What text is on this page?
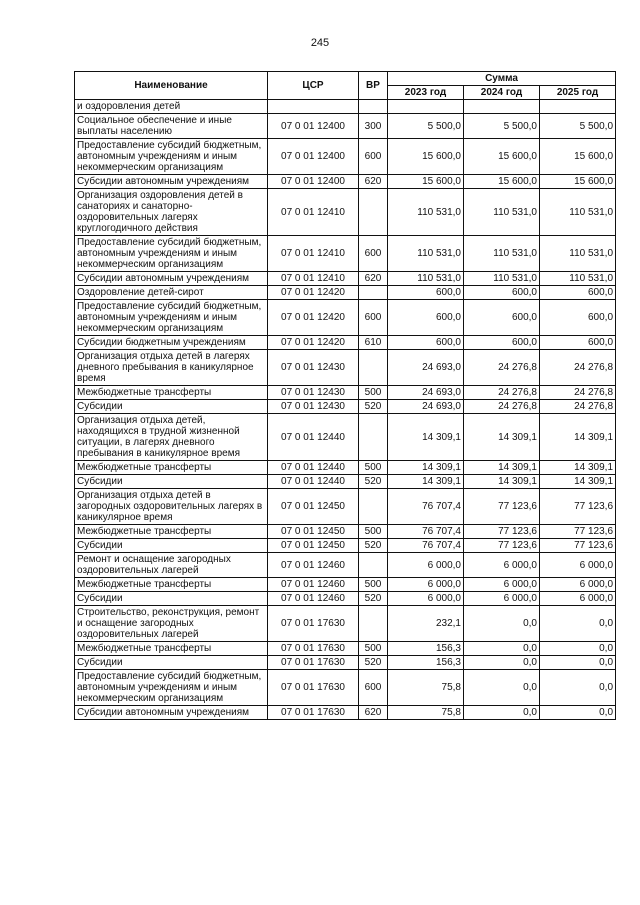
245
Наименование	ЦСР	ВР	Сумма		
			2023 год	2024 год	2025 год
и оздоровления детей					
Социальное обеспечение и иные выплаты населению	07 0 01 12400	300	5 500,0	5 500,0	5 500,0
Предоставление субсидий бюджетным, автономным учреждениям и иным некоммерческим организациям	07 0 01 12400	600	15 600,0	15 600,0	15 600,0
Субсидии автономным учреждениям	07 0 01 12400	620	15 600,0	15 600,0	15 600,0
Организация оздоровления детей в санаториях и санаторно-оздоровительных лагерях круглогодичного действия	07 0 01 12410		110 531,0	110 531,0	110 531,0
Предоставление субсидий бюджетным, автономным учреждениям и иным некоммерческим организациям	07 0 01 12410	600	110 531,0	110 531,0	110 531,0
Субсидии автономным учреждениям	07 0 01 12410	620	110 531,0	110 531,0	110 531,0
Оздоровление детей-сирот	07 0 01 12420		600,0	600,0	600,0
Предоставление субсидий бюджетным, автономным учреждениям и иным некоммерческим организациям	07 0 01 12420	600	600,0	600,0	600,0
Субсидии бюджетным учреждениям	07 0 01 12420	610	600,0	600,0	600,0
Организация отдыха детей в лагерях дневного пребывания в каникулярное время	07 0 01 12430		24 693,0	24 276,8	24 276,8
Межбюджетные трансферты	07 0 01 12430	500	24 693,0	24 276,8	24 276,8
Субсидии	07 0 01 12430	520	24 693,0	24 276,8	24 276,8
Организация отдыха детей, находящихся в трудной жизненной ситуации, в лагерях дневного пребывания в каникулярное время	07 0 01 12440		14 309,1	14 309,1	14 309,1
Межбюджетные трансферты	07 0 01 12440	500	14 309,1	14 309,1	14 309,1
Субсидии	07 0 01 12440	520	14 309,1	14 309,1	14 309,1
Организация отдыха детей в загородных оздоровительных лагерях в каникулярное время	07 0 01 12450		76 707,4	77 123,6	77 123,6
Межбюджетные трансферты	07 0 01 12450	500	76 707,4	77 123,6	77 123,6
Субсидии	07 0 01 12450	520	76 707,4	77 123,6	77 123,6
Ремонт и оснащение загородных оздоровительных лагерей	07 0 01 12460		6 000,0	6 000,0	6 000,0
Межбюджетные трансферты	07 0 01 12460	500	6 000,0	6 000,0	6 000,0
Субсидии	07 0 01 12460	520	6 000,0	6 000,0	6 000,0
Строительство, реконструкция, ремонт и оснащение загородных оздоровительных лагерей	07 0 01 17630		232,1	0,0	0,0
Межбюджетные трансферты	07 0 01 17630	500	156,3	0,0	0,0
Субсидии	07 0 01 17630	520	156,3	0,0	0,0
Предоставление субсидий бюджетным, автономным учреждениям и иным некоммерческим организациям	07 0 01 17630	600	75,8	0,0	0,0
Субсидии автономным учреждениям	07 0 01 17630	620	75,8	0,0	0,0
